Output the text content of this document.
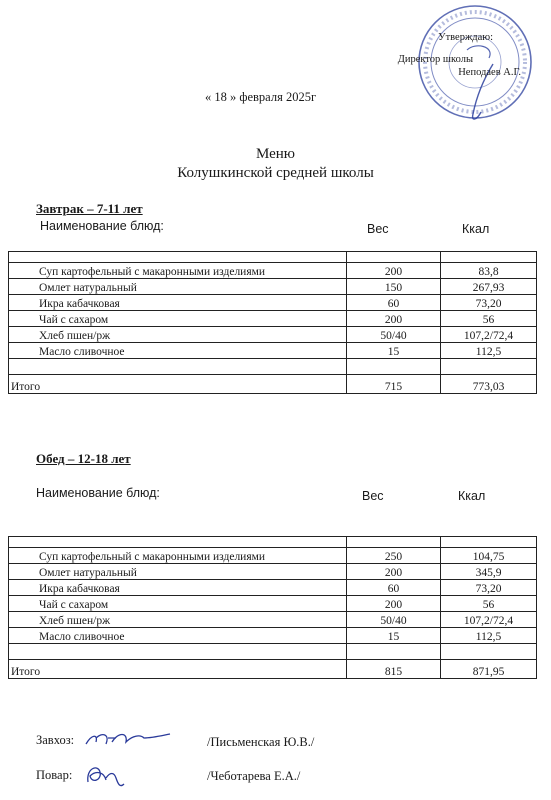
Утверждаю:
Директор школы
Неподаев А.Г.
« 18 » февраля 2025г
Меню
Колушкинской средней школы
Завтрак – 7-11 лет
Наименование блюд:	Вес	Ккал

Суп картофельный с макаронными изделиями	200	83,8
Омлет натуральный	150	267,93
Икра кабачковая	60	73,20
Чай с сахаром	200	56
Хлеб пшен/рж	50/40	107,2/72,4
Масло сливочное	15	112,5

Итого	715	773,03
Обед – 12-18 лет
Наименование блюд:	Вес	Ккал

Суп картофельный с макаронными изделиями	250	104,75
Омлет натуральный	200	345,9
Икра кабачковая	60	73,20
Чай с сахаром	200	56
Хлеб пшен/рж	50/40	107,2/72,4
Масло сливочное	15	112,5

Итого	815	871,95
Завхоз:	/Письменская Ю.В./
Повар:	/Чеботарева Е.А./
